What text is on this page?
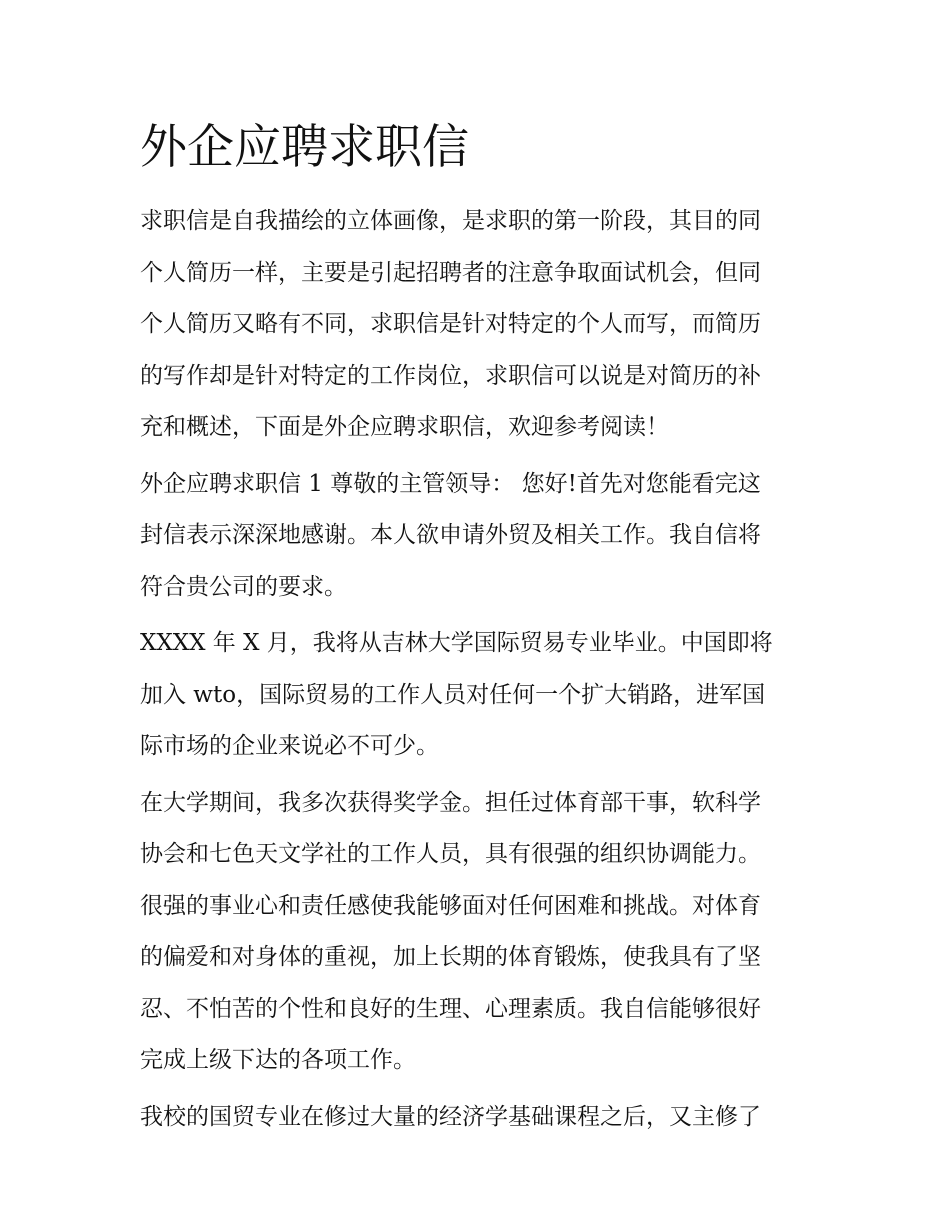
外企应聘求职信

求职信是自我描绘的立体画像，是求职的第一阶段，其目的同
个人简历一样，主要是引起招聘者的注意争取面试机会，但同
个人简历又略有不同，求职信是针对特定的个人而写，而简历
的写作却是针对特定的工作岗位，求职信可以说是对简历的补
充和概述，下面是外企应聘求职信，欢迎参考阅读！

外企应聘求职信 1 尊敬的主管领导： 您好!首先对您能看完这
封信表示深深地感谢。本人欲申请外贸及相关工作。我自信将
符合贵公司的要求。

XXXX 年 X 月，我将从吉林大学国际贸易专业毕业。中国即将
加入 wto，国际贸易的工作人员对任何一个扩大销路，进军国
际市场的企业来说必不可少。

在大学期间，我多次获得奖学金。担任过体育部干事，软科学
协会和七色天文学社的工作人员，具有很强的组织协调能力。
很强的事业心和责任感使我能够面对任何困难和挑战。对体育
的偏爱和对身体的重视，加上长期的体育锻炼，使我具有了坚
忍、不怕苦的个性和良好的生理、心理素质。我自信能够很好
完成上级下达的各项工作。

我校的国贸专业在修过大量的经济学基础课程之后，又主修了
